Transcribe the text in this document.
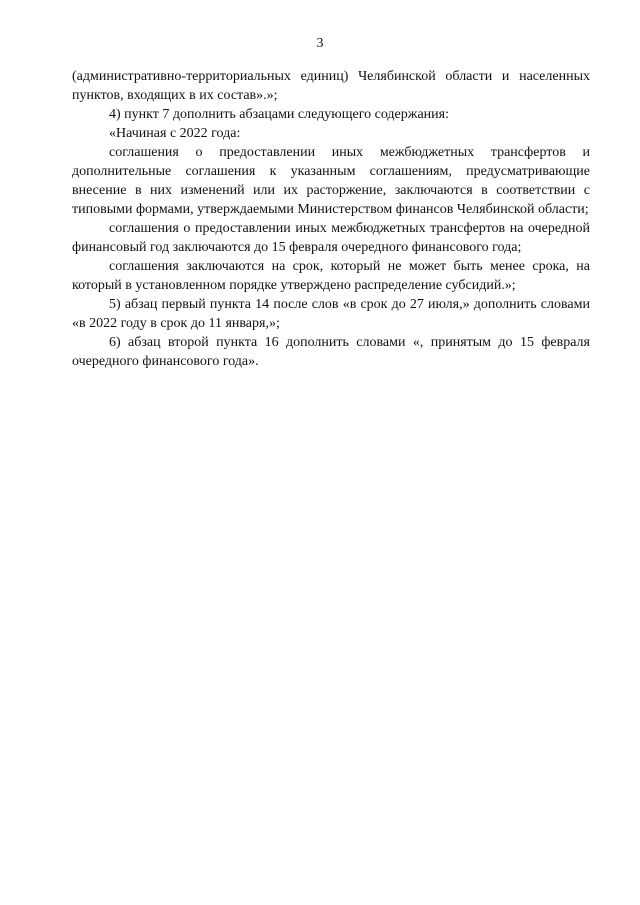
3

(административно-территориальных единиц) Челябинской области и населенных пунктов, входящих в их состав».»;

4) пункт 7 дополнить абзацами следующего содержания:

«Начиная с 2022 года:

соглашения о предоставлении иных межбюджетных трансфертов и дополнительные соглашения к указанным соглашениям, предусматривающие внесение в них изменений или их расторжение, заключаются в соответствии с типовыми формами, утверждаемыми Министерством финансов Челябинской области;

соглашения о предоставлении иных межбюджетных трансфертов на очередной финансовый год заключаются до 15 февраля очередного финансового года;

соглашения заключаются на срок, который не может быть менее срока, на который в установленном порядке утверждено распределение субсидий.»;

5) абзац первый пункта 14 после слов «в срок до 27 июля,» дополнить словами «в 2022 году в срок до 11 января,»;

6) абзац второй пункта 16 дополнить словами «, принятым до 15 февраля очередного финансового года».
